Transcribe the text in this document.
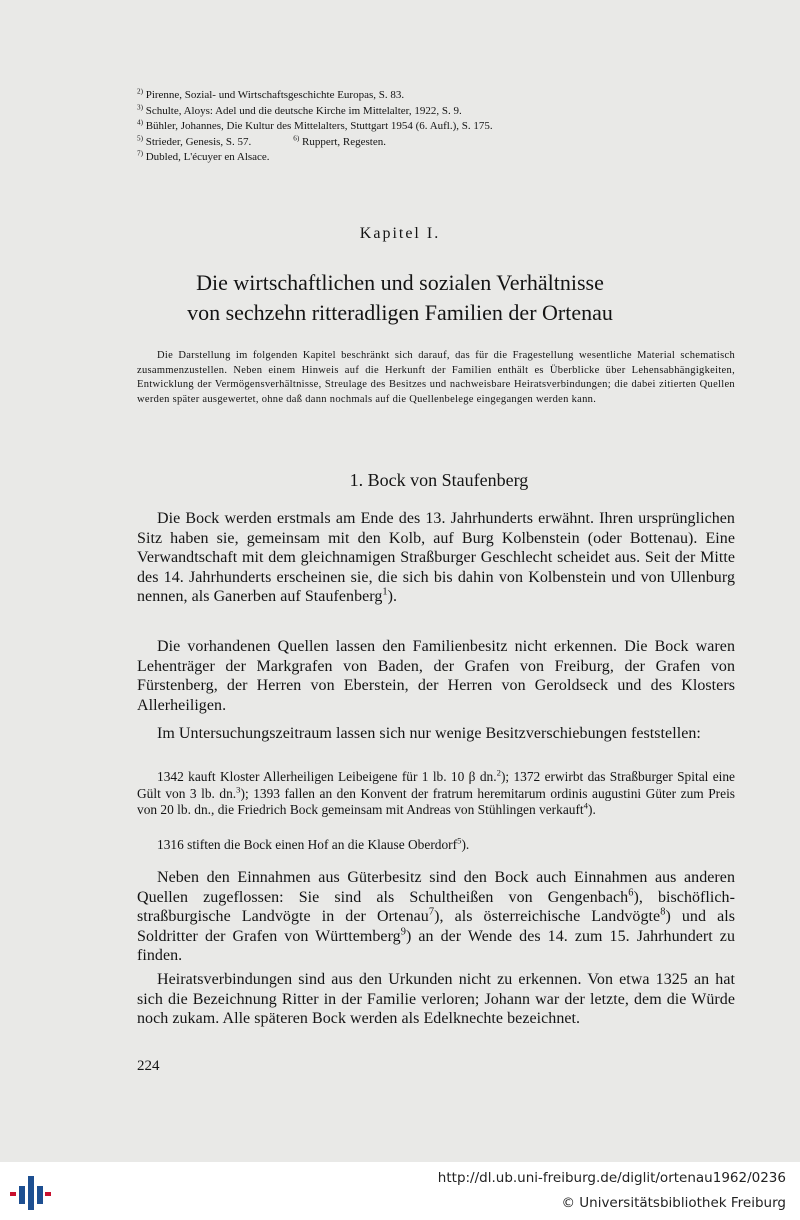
$^{2)}$ Pirenne, Sozial- und Wirtschaftsgeschichte Europas, S. 83.

$^{3)}$ Schulte, Aloys: Adel und die deutsche Kirche im Mittelalter, 1922, S. 9.

$^{4)}$ Bühler, Johannes, Die Kultur des Mittelalters, Stuttgart 1954 (6. Aufl.), S. 175.

$^{5)}$ Strieder, Genesis, S. 57.	$^{6)}$ Ruppert, Regesten.

$^{7)}$ Dubled, L'écuyer en Alsace.

Kapitel I.

Die wirtschaftlichen und sozialen Verhältnisse
von sechzehn ritteradligen Familien der Ortenau

Die Darstellung im folgenden Kapitel beschränkt sich darauf, das für die Fragestellung wesentliche Material schematisch zusammenzustellen. Neben einem Hinweis auf die Herkunft der Familien enthält es Überblicke über Lehensabhängigkeiten, Entwicklung der Vermögensverhältnisse, Streulage des Besitzes und nachweisbare Heiratsverbindungen; die dabei zitierten Quellen werden später ausgewertet, ohne daß dann nochmals auf die Quellenbelege eingegangen werden kann.

1. Bock von Staufenberg

Die Bock werden erstmals am Ende des 13. Jahrhunderts erwähnt. Ihren ursprünglichen Sitz haben sie, gemeinsam mit den Kolb, auf Burg Kolbenstein (oder Bottenau). Eine Verwandtschaft mit dem gleichnamigen Straßburger Geschlecht scheidet aus. Seit der Mitte des 14. Jahrhunderts erscheinen sie, die sich bis dahin von Kolbenstein und von Ullenburg nennen, als Ganerben auf Staufenberg$^1$).

Die vorhandenen Quellen lassen den Familienbesitz nicht erkennen. Die Bock waren Lehenträger der Markgrafen von Baden, der Grafen von Freiburg, der Grafen von Fürstenberg, der Herren von Eberstein, der Herren von Geroldseck und des Klosters Allerheiligen.

Im Untersuchungszeitraum lassen sich nur wenige Besitzverschiebungen feststellen:

1342 kauft Kloster Allerheiligen Leibeigene für 1 lb. 10 β dn.$^2$); 1372 erwirbt das Straßburger Spital eine Gült von 3 lb. dn.$^3$); 1393 fallen an den Konvent der fratrum heremitarum ordinis augustini Güter zum Preis von 20 lb. dn., die Friedrich Bock gemeinsam mit Andreas von Stühlingen verkauft$^4$).

1316 stiften die Bock einen Hof an die Klause Oberdorf$^5$).

Neben den Einnahmen aus Güterbesitz sind den Bock auch Einnahmen aus anderen Quellen zugeflossen: Sie sind als Schultheißen von Gengenbach$^6$), bischöflich-straßburgische Landvögte in der Ortenau$^7$), als österreichische Landvögte$^8$) und als Soldritter der Grafen von Württemberg$^9$) an der Wende des 14. zum 15. Jahrhundert zu finden.

Heiratsverbindungen sind aus den Urkunden nicht zu erkennen. Von etwa 1325 an hat sich die Bezeichnung Ritter in der Familie verloren; Johann war der letzte, dem die Würde noch zukam. Alle späteren Bock werden als Edelknechte bezeichnet.

224

http://dl.ub.uni-freiburg.de/diglit/ortenau1962/0236

© Universitätsbibliothek Freiburg
